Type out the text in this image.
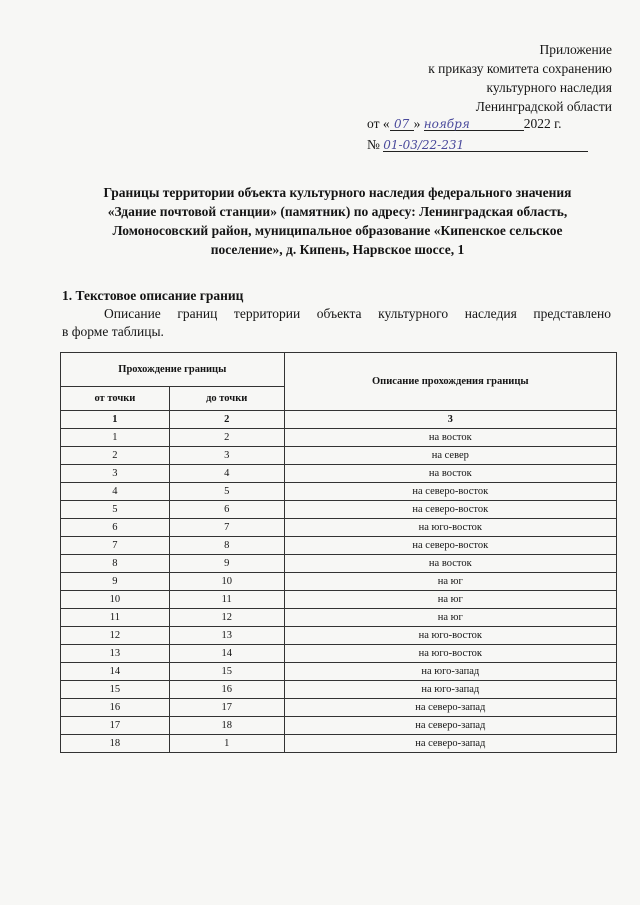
Приложение
к приказу комитета сохранению
культурного наследия
Ленинградской области
от « 07 » ноября	2022 г.
№ 01-03/22-231
Границы территории объекта культурного наследия федерального значения
«Здание почтовой станции» (памятник) по адресу: Ленинградская область,
Ломоносовский район, муниципальное образование «Кипенское сельское
поселение», д. Кипень, Нарвское шоссе, 1
1. Текстовое описание границ
Описание границ территории объекта культурного наследия представлено
в форме таблицы.
Прохождение границы		Описание прохождения границы
от точки	до точки	
1	2	3
1	2	на восток
2	3	на север
3	4	на восток
4	5	на северо-восток
5	6	на северо-восток
6	7	на юго-восток
7	8	на северо-восток
8	9	на восток
9	10	на юг
10	11	на юг
11	12	на юг
12	13	на юго-восток
13	14	на юго-восток
14	15	на юго-запад
15	16	на юго-запад
16	17	на северо-запад
17	18	на северо-запад
18	1	на северо-запад
